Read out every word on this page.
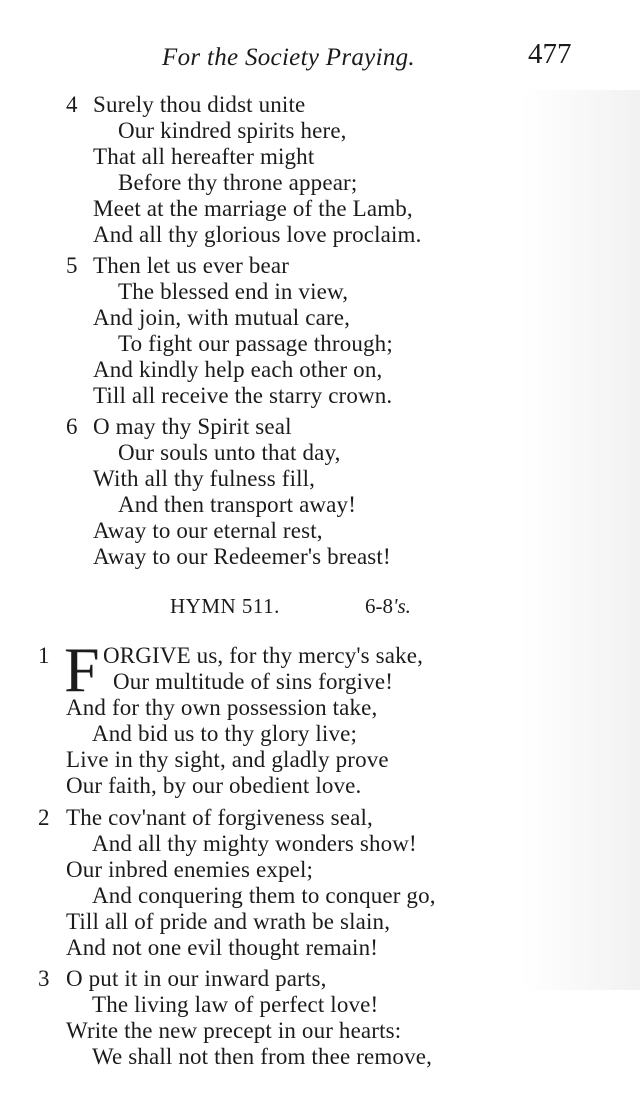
For the Society Praying.	477
4 Surely thou didst unite
Our kindred spirits here,
That all hereafter might
Before thy throne appear;
Meet at the marriage of the Lamb,
And all thy glorious love proclaim.
5 Then let us ever bear
The blessed end in view,
And join, with mutual care,
To fight our passage through;
And kindly help each other on,
Till all receive the starry crown.
6 O may thy Spirit seal
Our souls unto that day,
With all thy fulness fill,
And then transport away!
Away to our eternal rest,
Away to our Redeemer's breast!
HYMN 511.	6-8's.
1 F ORGIVE us, for thy mercy's sake,
Our multitude of sins forgive!
And for thy own possession take,
And bid us to thy glory live;
Live in thy sight, and gladly prove
Our faith, by our obedient love.
2 The cov'nant of forgiveness seal,
And all thy mighty wonders show!
Our inbred enemies expel;
And conquering them to conquer go,
Till all of pride and wrath be slain,
And not one evil thought remain!
3 O put it in our inward parts,
The living law of perfect love!
Write the new precept in our hearts:
We shall not then from thee remove,
